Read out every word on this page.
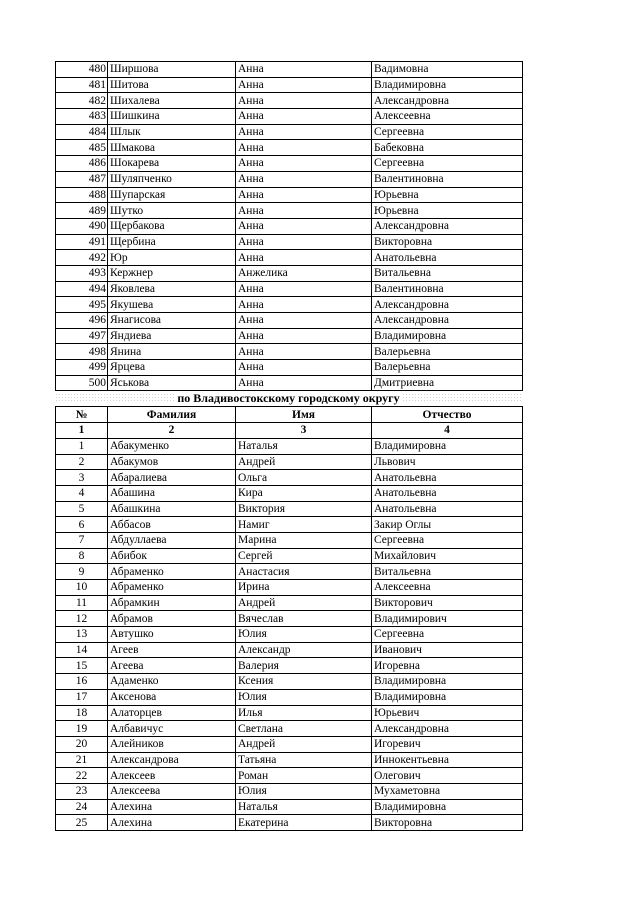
480	Ширшова	Анна	Вадимовна
481	Шитова	Анна	Владимировна
482	Шихалева	Анна	Александровна
483	Шишкина	Анна	Алексеевна
484	Шлык	Анна	Сергеевна
485	Шмакова	Анна	Бабековна
486	Шокарева	Анна	Сергеевна
487	Шуляпченко	Анна	Валентиновна
488	Шупарская	Анна	Юрьевна
489	Шутко	Анна	Юрьевна
490	Щербакова	Анна	Александровна
491	Щербина	Анна	Викторовна
492	Юр	Анна	Анатольевна
493	Кержнер	Анжелика	Витальевна
494	Яковлева	Анна	Валентиновна
495	Якушева	Анна	Александровна
496	Янагисова	Анна	Александровна
497	Яндиева	Анна	Владимировна
498	Янина	Анна	Валерьевна
499	Ярцева	Анна	Валерьевна
500	Яськова	Анна	Дмитриевна
по Владивостокскому городскому округу
№	Фамилия	Имя	Отчество
1	2	3	4
1	Абакуменко	Наталья	Владимировна
2	Абакумов	Андрей	Львович
3	Абаралиева	Ольга	Анатольевна
4	Абашина	Кира	Анатольевна
5	Абашкина	Виктория	Анатольевна
6	Аббасов	Намиг	Закир Оглы
7	Абдуллаева	Марина	Сергеевна
8	Абибок	Сергей	Михайлович
9	Абраменко	Анастасия	Витальевна
10	Абраменко	Ирина	Алексеевна
11	Абрамкин	Андрей	Викторович
12	Абрамов	Вячеслав	Владимирович
13	Автушко	Юлия	Сергеевна
14	Агеев	Александр	Иванович
15	Агеева	Валерия	Игоревна
16	Адаменко	Ксения	Владимировна
17	Аксенова	Юлия	Владимировна
18	Алаторцев	Илья	Юрьевич
19	Албавичус	Светлана	Александровна
20	Алейников	Андрей	Игоревич
21	Александрова	Татьяна	Иннокентьевна
22	Алексеев	Роман	Олегович
23	Алексеева	Юлия	Мухаметовна
24	Алехина	Наталья	Владимировна
25	Алехина	Екатерина	Викторовна
